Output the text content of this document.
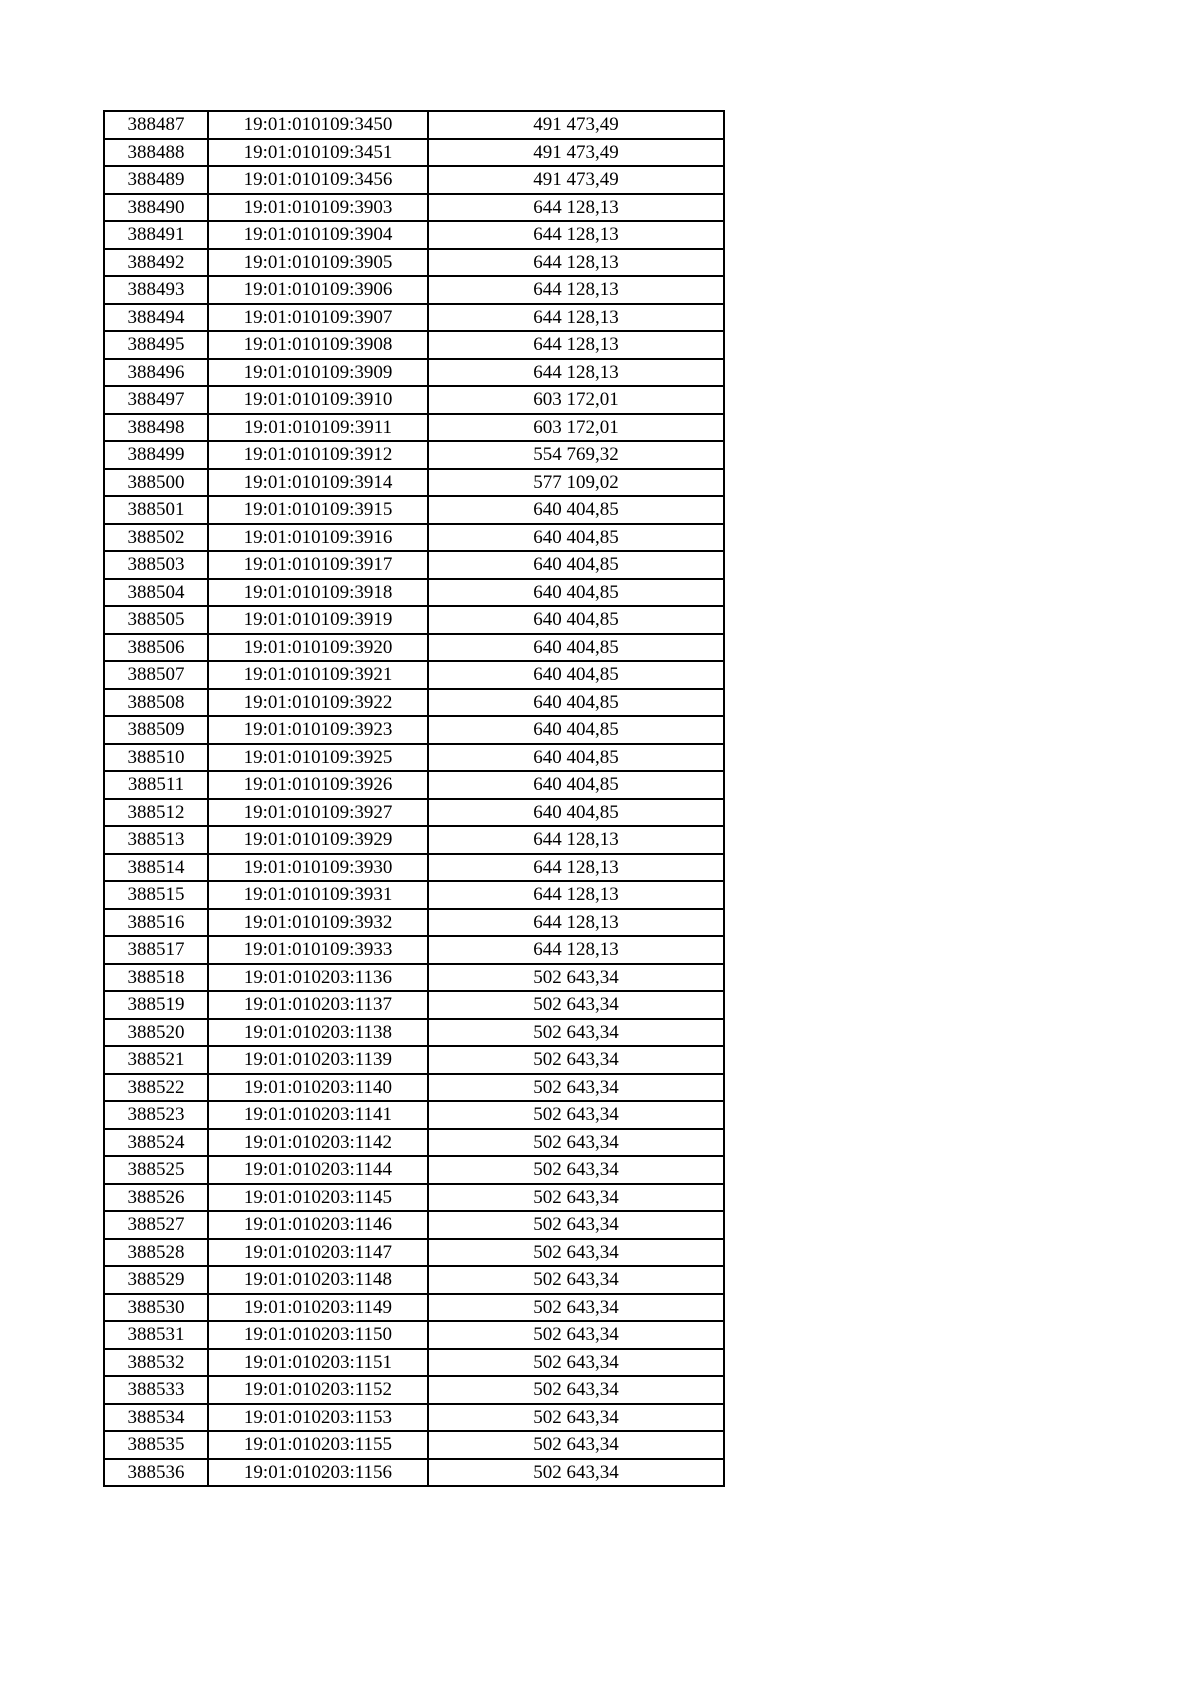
388487	19:01:010109:3450	491 473,49
388488	19:01:010109:3451	491 473,49
388489	19:01:010109:3456	491 473,49
388490	19:01:010109:3903	644 128,13
388491	19:01:010109:3904	644 128,13
388492	19:01:010109:3905	644 128,13
388493	19:01:010109:3906	644 128,13
388494	19:01:010109:3907	644 128,13
388495	19:01:010109:3908	644 128,13
388496	19:01:010109:3909	644 128,13
388497	19:01:010109:3910	603 172,01
388498	19:01:010109:3911	603 172,01
388499	19:01:010109:3912	554 769,32
388500	19:01:010109:3914	577 109,02
388501	19:01:010109:3915	640 404,85
388502	19:01:010109:3916	640 404,85
388503	19:01:010109:3917	640 404,85
388504	19:01:010109:3918	640 404,85
388505	19:01:010109:3919	640 404,85
388506	19:01:010109:3920	640 404,85
388507	19:01:010109:3921	640 404,85
388508	19:01:010109:3922	640 404,85
388509	19:01:010109:3923	640 404,85
388510	19:01:010109:3925	640 404,85
388511	19:01:010109:3926	640 404,85
388512	19:01:010109:3927	640 404,85
388513	19:01:010109:3929	644 128,13
388514	19:01:010109:3930	644 128,13
388515	19:01:010109:3931	644 128,13
388516	19:01:010109:3932	644 128,13
388517	19:01:010109:3933	644 128,13
388518	19:01:010203:1136	502 643,34
388519	19:01:010203:1137	502 643,34
388520	19:01:010203:1138	502 643,34
388521	19:01:010203:1139	502 643,34
388522	19:01:010203:1140	502 643,34
388523	19:01:010203:1141	502 643,34
388524	19:01:010203:1142	502 643,34
388525	19:01:010203:1144	502 643,34
388526	19:01:010203:1145	502 643,34
388527	19:01:010203:1146	502 643,34
388528	19:01:010203:1147	502 643,34
388529	19:01:010203:1148	502 643,34
388530	19:01:010203:1149	502 643,34
388531	19:01:010203:1150	502 643,34
388532	19:01:010203:1151	502 643,34
388533	19:01:010203:1152	502 643,34
388534	19:01:010203:1153	502 643,34
388535	19:01:010203:1155	502 643,34
388536	19:01:010203:1156	502 643,34
